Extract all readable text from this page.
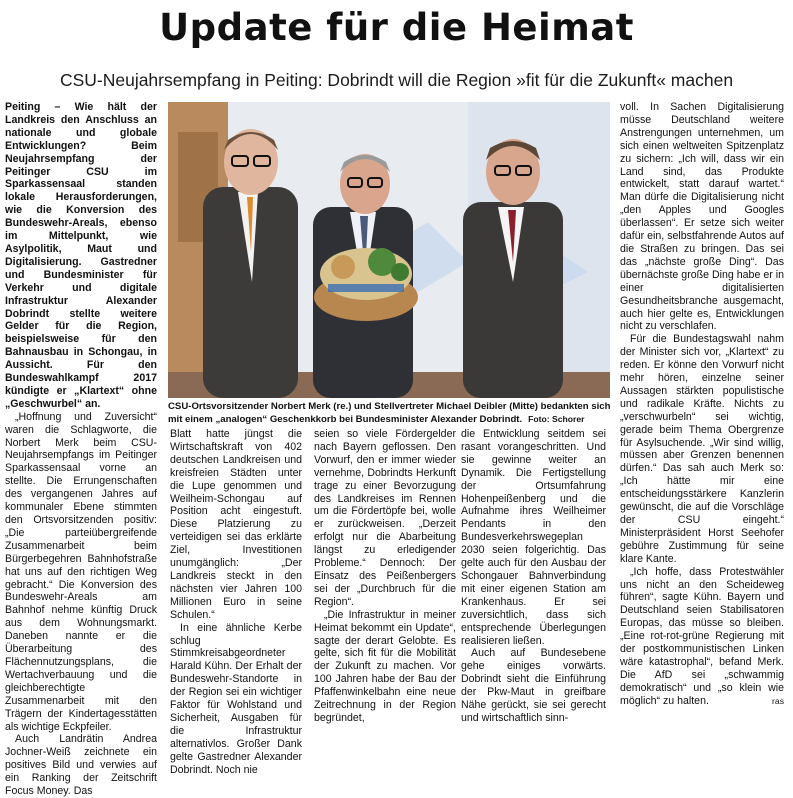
Update für die Heimat
CSU-Neujahrsempfang in Peiting: Dobrindt will die Region »fit für die Zukunft« machen

Peiting – Wie hält der Landkreis den Anschluss an nationale und globale Entwicklungen? Beim Neujahrsempfang der Peitinger CSU im Sparkassensaal standen lokale Herausforderungen, wie die Konversion des Bundeswehr-Areals, ebenso im Mittelpunkt, wie Asylpolitik, Maut und Digitalisierung. Gastredner und Bundesminister für Verkehr und digitale Infrastruktur Alexander Dobrindt stellte weitere Gelder für die Region, beispielsweise für den Bahnausbau in Schongau, in Aussicht. Für den Bundeswahlkampf 2017 kündigte er „Klartext“ ohne „Geschwurbel“ an.

„Hoffnung und Zuversicht“ waren die Schlagworte, die Norbert Merk beim CSU-Neujahrsempfangs im Peitinger Sparkassensaal vorne an stellte. Die Errungenschaften des vergangenen Jahres auf kommunaler Ebene stimmten den Ortsvorsitzenden positiv: „Die parteiübergreifende Zusammenarbeit beim Bürgerbegehren Bahnhofstraße hat uns auf den richtigen Weg gebracht.“ Die Konversion des Bundeswehr-Areals am Bahnhof nehme künftig Druck aus dem Wohnungsmarkt. Daneben nannte er die Überarbeitung des Flächennutzungsplans, die Wertachverbauung und die gleichberechtigte Zusammenarbeit mit den Trägern der Kindertagesstätten als wichtige Eckpfeiler.

Auch Landrätin Andrea Jochner-Weiß zeichnete ein positives Bild und verwies auf ein Ranking der Zeitschrift Focus Money. Das

CSU-Ortsvorsitzender Norbert Merk (re.) und Stellvertreter Michael Deibler (Mitte) bedankten sich mit einem „analogen“ Geschenkkorb bei Bundesminister Alexander Dobrindt. Foto: Schorer

Blatt hatte jüngst die Wirtschaftskraft von 402 deutschen Landkreisen und kreisfreien Städten unter die Lupe genommen und Weilheim-Schongau auf Position acht eingestuft. Diese Platzierung zu verteidigen sei das erklärte Ziel, Investitionen unumgänglich: „Der Landkreis steckt in den nächsten vier Jahren 100 Millionen Euro in seine Schulen.“

In eine ähnliche Kerbe schlug Stimmkreisabgeordneter Harald Kühn. Der Erhalt der Bundeswehr-Standorte in der Region sei ein wichtiger Faktor für Wohlstand und Sicherheit, Ausgaben für die Infrastruktur alternativlos. Großer Dank gelte Gastredner Alexander Dobrindt. Noch nie

seien so viele Fördergelder nach Bayern geflossen. Den Vorwurf, den er immer wieder vernehme, Dobrindts Herkunft trage zu einer Bevorzugung des Landkreises im Rennen um die Fördertöpfe bei, wolle er zurückweisen. „Derzeit erfolgt nur die Abarbeitung längst zu erledigender Probleme.“ Dennoch: Der Einsatz des Peißenbergers sei der „Durchbruch für die Region“.

„Die Infrastruktur in meiner Heimat bekommt ein Update“, sagte der derart Gelobte. Es gelte, sich fit für die Mobilität der Zukunft zu machen. Vor 100 Jahren habe der Bau der Pfaffenwinkelbahn eine neue Zeitrechnung in der Region begründet,

die Entwicklung seitdem sei rasant vorangeschritten. Und sie gewinne weiter an Dynamik. Die Fertigstellung der Ortsumfahrung Hohenpeißenberg und die Aufnahme ihres Weilheimer Pendants in den Bundesverkehrswegeplan 2030 seien folgerichtig. Das gelte auch für den Ausbau der Schongauer Bahnverbindung mit einer eigenen Station am Krankenhaus. Er sei zuversichtlich, dass sich entsprechende Überlegungen realisieren ließen.

Auch auf Bundesebene gehe einiges vorwärts. Dobrindt sieht die Einführung der Pkw-Maut in greifbare Nähe gerückt, sie sei gerecht und wirtschaftlich sinn-

voll. In Sachen Digitalisierung müsse Deutschland weitere Anstrengungen unternehmen, um sich einen weltweiten Spitzenplatz zu sichern: „Ich will, dass wir ein Land sind, das Produkte entwickelt, statt darauf wartet.“ Man dürfe die Digitalisierung nicht „den Apples und Googles überlassen“. Er setze sich weiter dafür ein, selbstfahrende Autos auf die Straßen zu bringen. Das sei das „nächste große Ding“. Das übernächste große Ding habe er in einer digitalisierten Gesundheitsbranche ausgemacht, auch hier gelte es, Entwicklungen nicht zu verschlafen.

Für die Bundestagswahl nahm der Minister sich vor, „Klartext“ zu reden. Er könne den Vorwurf nicht mehr hören, einzelne seiner Aussagen stärkten populistische und radikale Kräfte. Nichts zu „verschwurbeln“ sei wichtig, gerade beim Thema Obergrenze für Asylsuchende. „Wir sind willig, müssen aber Grenzen benennen dürfen.“ Das sah auch Merk so: „Ich hätte mir eine entscheidungsstärkere Kanzlerin gewünscht, die auf die Vorschläge der CSU eingeht.“ Ministerpräsident Horst Seehofer gebühre Zustimmung für seine klare Kante.

„Ich hoffe, dass Protestwähler uns nicht an den Scheideweg führen“, sagte Kühn. Bayern und Deutschland seien Stabilisatoren Europas, das müsse so bleiben. „Eine rot-rot-grüne Regierung mit der postkommunistischen Linken wäre katastrophal“, befand Merk. Die AfD sei „schwammig demokratisch“ und „so klein wie möglich“ zu halten.	ras
